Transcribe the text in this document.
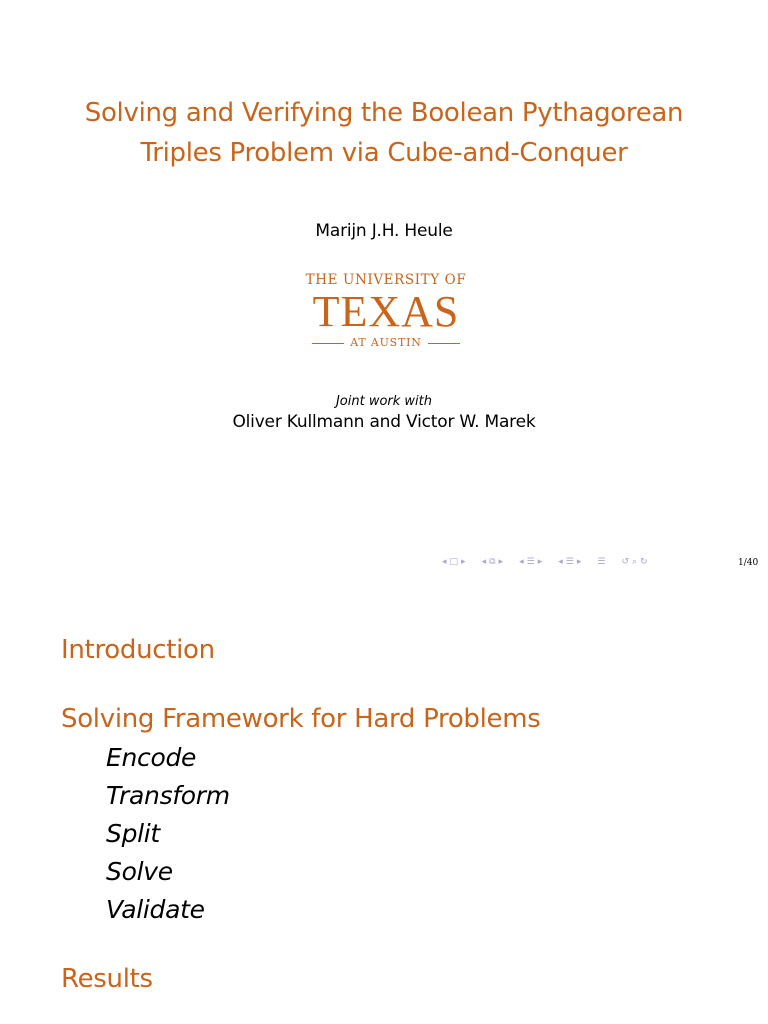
Solving and Verifying the Boolean Pythagorean
Triples Problem via Cube-and-Conquer
Marijn J.H. Heule
THE UNIVERSITY OF
TEXAS
AT AUSTIN
Joint work with
Oliver Kullmann and Victor W. Marek
◂ □ ▸ ◂ ⧉ ▸ ◂ ☰ ▸ ◂ ☰ ▸ ☰ ↺ ⌕ ↻	1/40
Introduction
Solving Framework for Hard Problems
Encode
Transform
Split
Solve
Validate
Results
